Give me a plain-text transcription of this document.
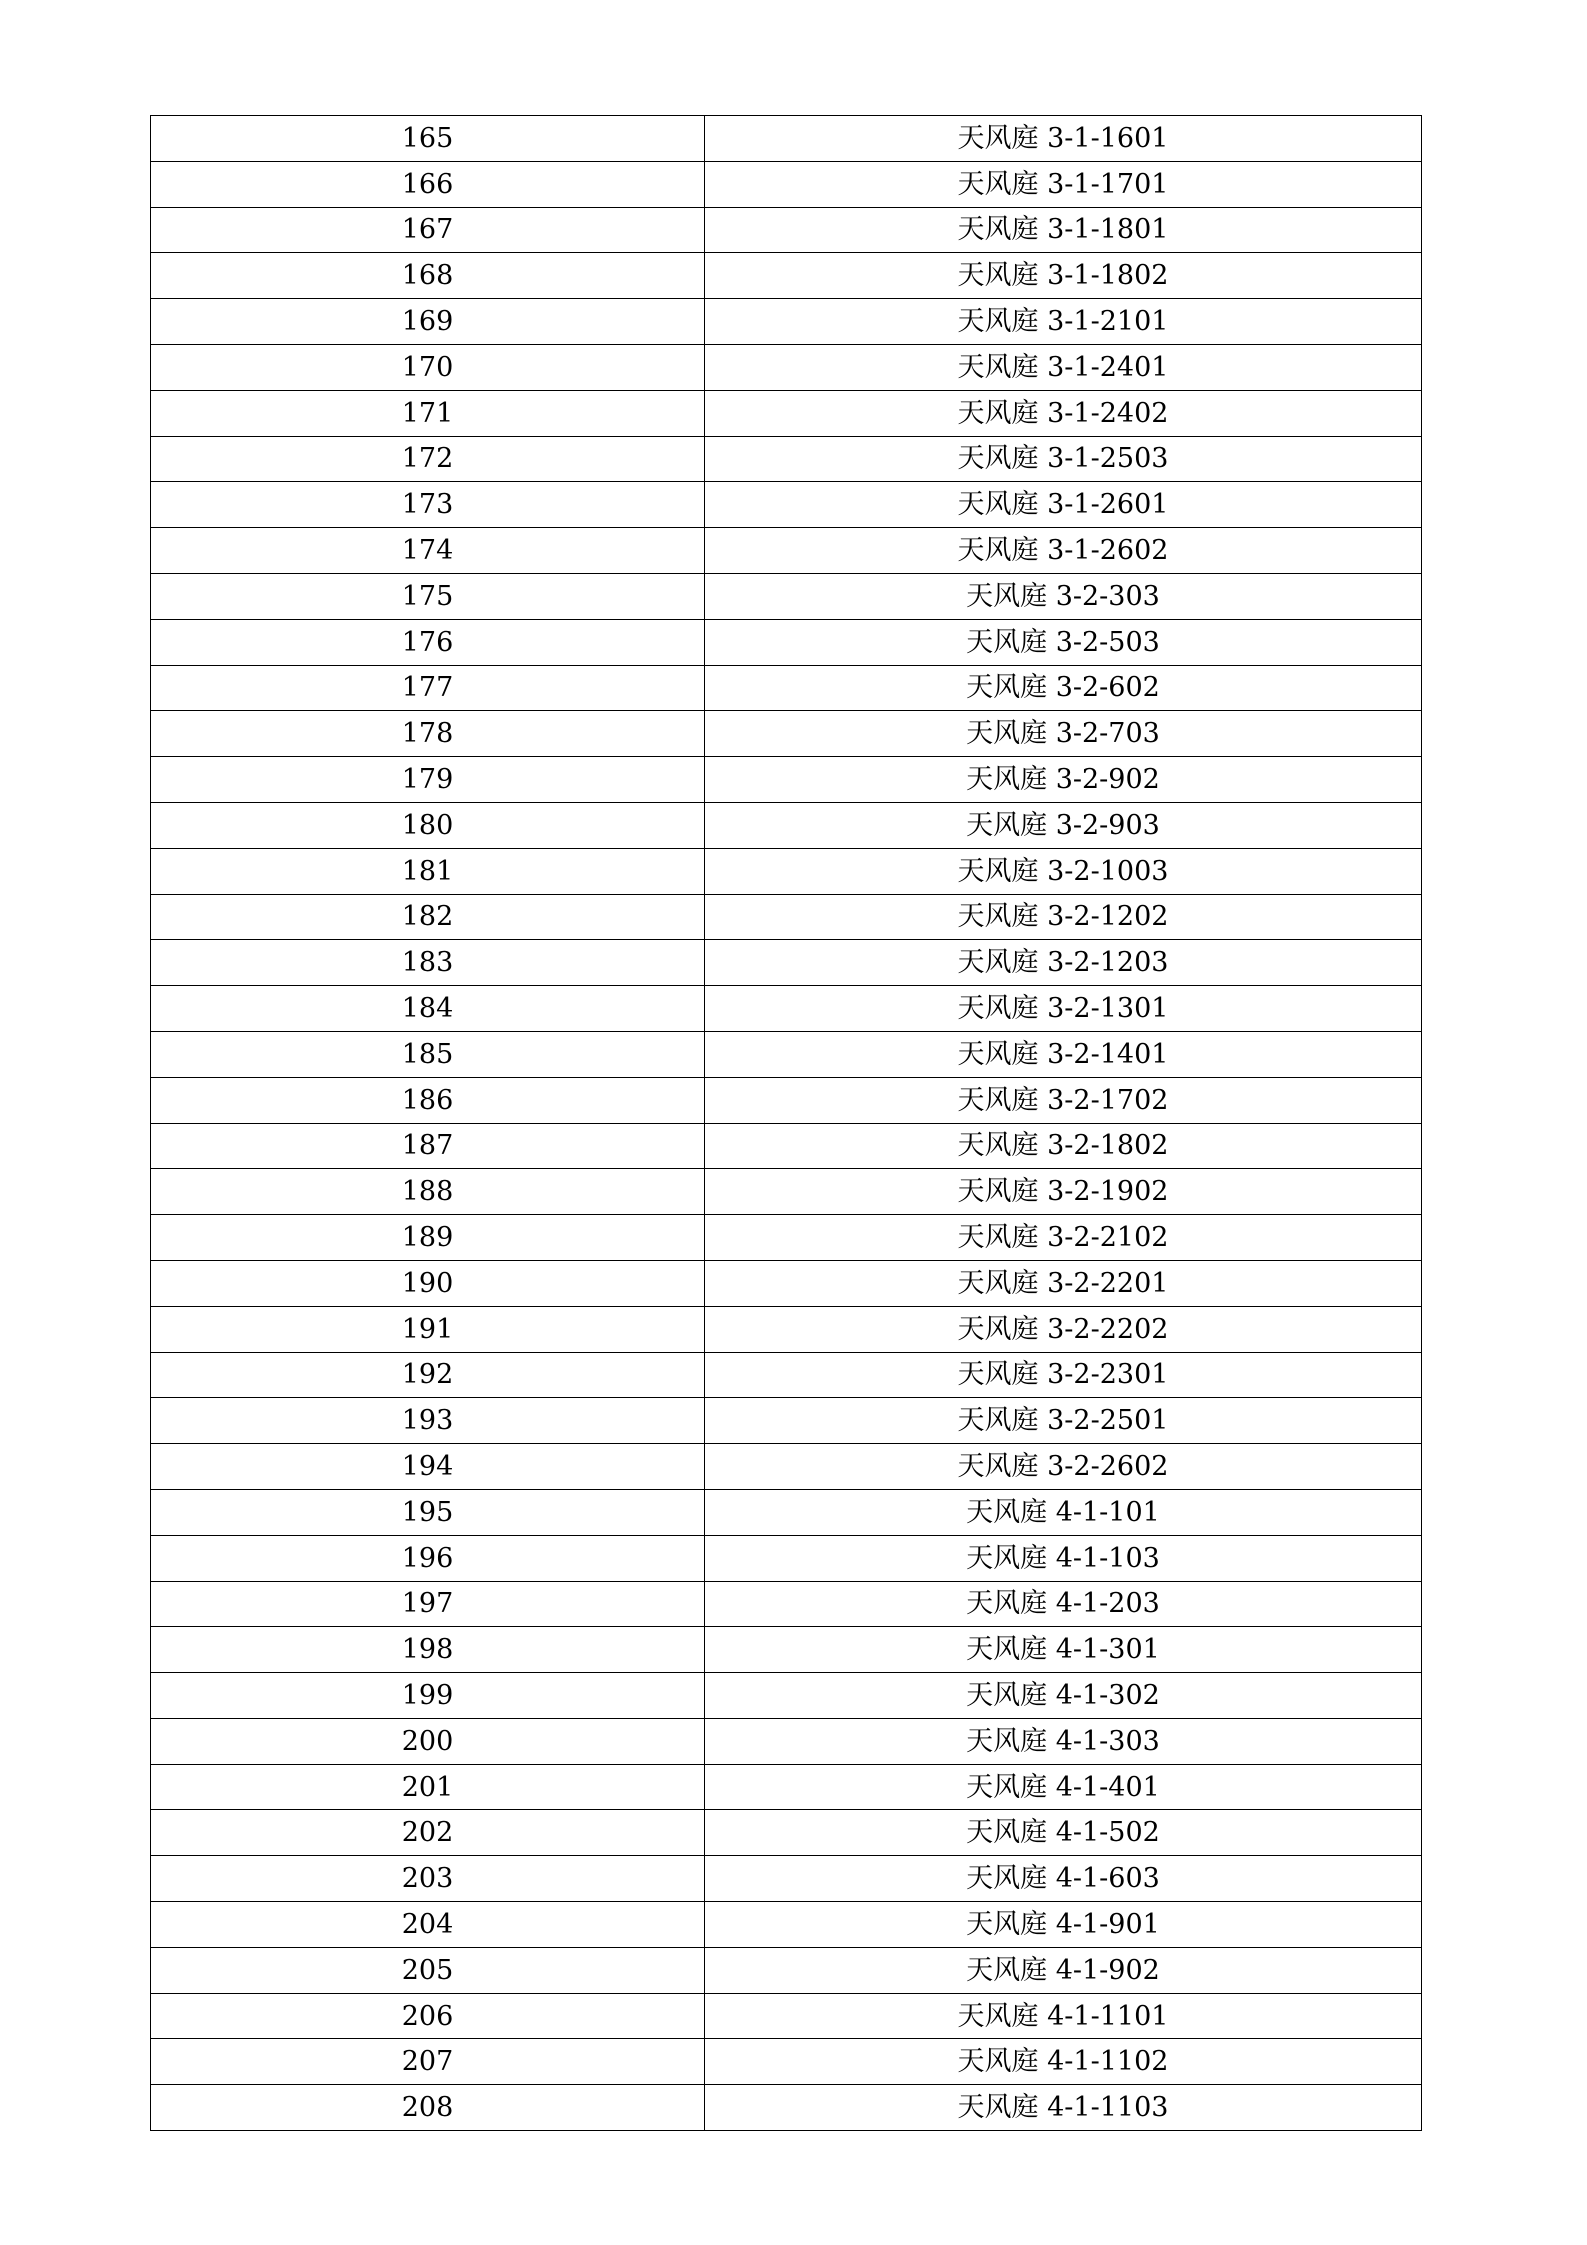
165	天风庭 3-1-1601
166	天风庭 3-1-1701
167	天风庭 3-1-1801
168	天风庭 3-1-1802
169	天风庭 3-1-2101
170	天风庭 3-1-2401
171	天风庭 3-1-2402
172	天风庭 3-1-2503
173	天风庭 3-1-2601
174	天风庭 3-1-2602
175	天风庭 3-2-303
176	天风庭 3-2-503
177	天风庭 3-2-602
178	天风庭 3-2-703
179	天风庭 3-2-902
180	天风庭 3-2-903
181	天风庭 3-2-1003
182	天风庭 3-2-1202
183	天风庭 3-2-1203
184	天风庭 3-2-1301
185	天风庭 3-2-1401
186	天风庭 3-2-1702
187	天风庭 3-2-1802
188	天风庭 3-2-1902
189	天风庭 3-2-2102
190	天风庭 3-2-2201
191	天风庭 3-2-2202
192	天风庭 3-2-2301
193	天风庭 3-2-2501
194	天风庭 3-2-2602
195	天风庭 4-1-101
196	天风庭 4-1-103
197	天风庭 4-1-203
198	天风庭 4-1-301
199	天风庭 4-1-302
200	天风庭 4-1-303
201	天风庭 4-1-401
202	天风庭 4-1-502
203	天风庭 4-1-603
204	天风庭 4-1-901
205	天风庭 4-1-902
206	天风庭 4-1-1101
207	天风庭 4-1-1102
208	天风庭 4-1-1103
